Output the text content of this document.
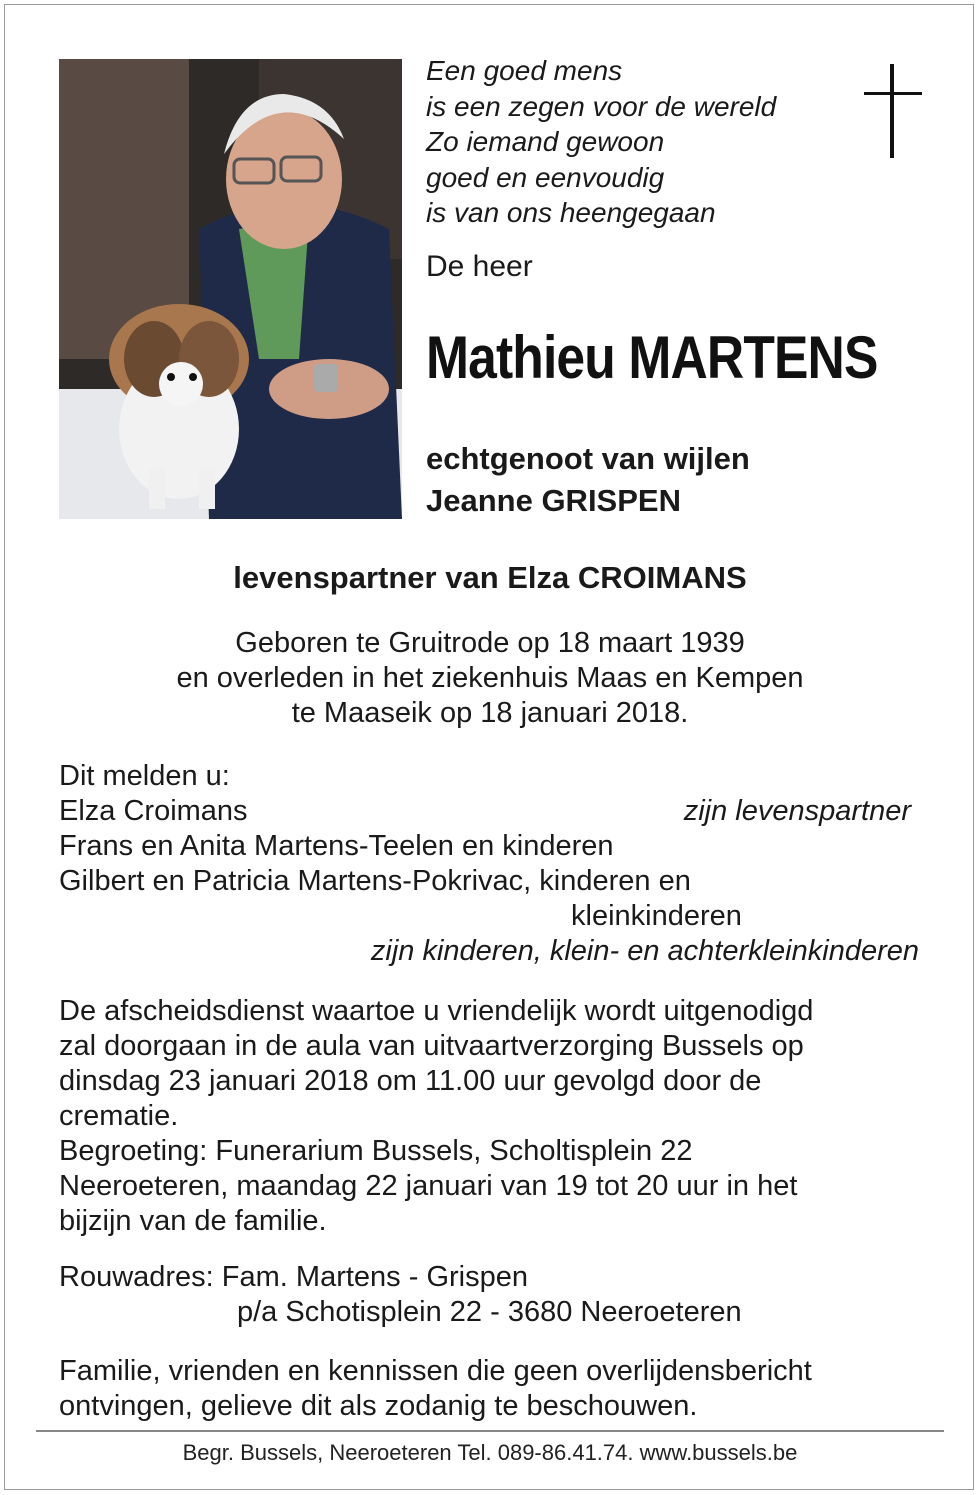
Een goed mens
is een zegen voor de wereld
Zo iemand gewoon
goed en eenvoudig
is van ons heengegaan
De heer
Mathieu MARTENS
echtgenoot van wijlen
Jeanne GRISPEN
levenspartner van Elza CROIMANS
Geboren te Gruitrode op 18 maart 1939
en overleden in het ziekenhuis Maas en Kempen
te Maaseik op 18 januari 2018.
Dit melden u:
Elza Croimans	zijn levenspartner
Frans en Anita Martens-Teelen en kinderen
Gilbert en Patricia Martens-Pokrivac, kinderen en
kleinkinderen
zijn kinderen, klein- en achterkleinkinderen
De afscheidsdienst waartoe u vriendelijk wordt uitgenodigd
zal doorgaan in de aula van uitvaartverzorging Bussels op
dinsdag 23 januari 2018 om 11.00 uur gevolgd door de
crematie.
Begroeting: Funerarium Bussels, Scholtisplein 22
Neeroeteren, maandag 22 januari van 19 tot 20 uur in het
bijzijn van de familie.
Rouwadres: Fam. Martens - Grispen
p/a Schotisplein 22 - 3680 Neeroeteren
Familie, vrienden en kennissen die geen overlijdensbericht
ontvingen, gelieve dit als zodanig te beschouwen.
Begr. Bussels, Neeroeteren Tel. 089-86.41.74. www.bussels.be
